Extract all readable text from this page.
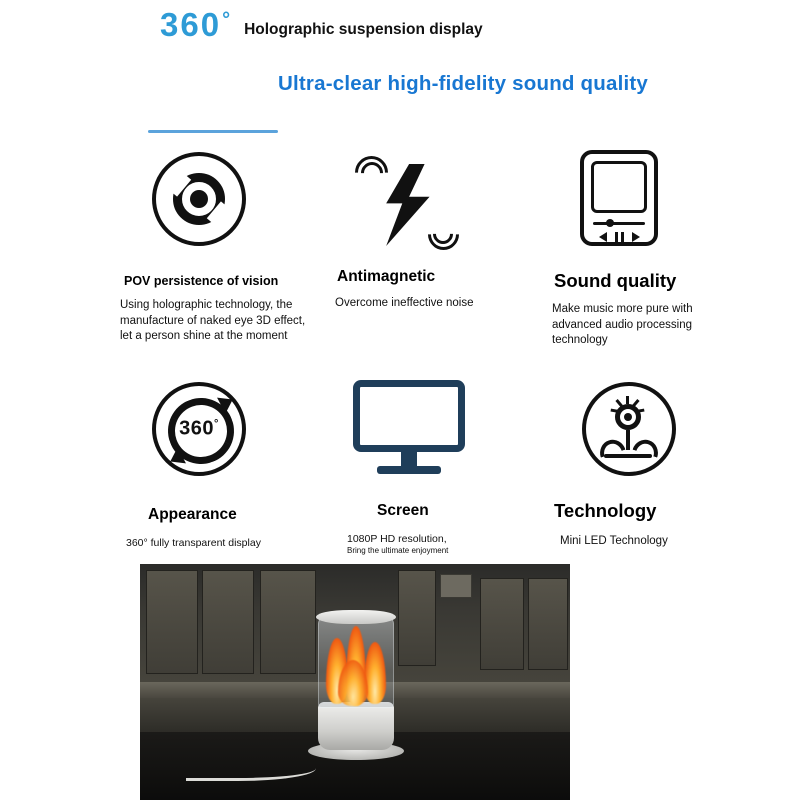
360 ° Holographic suspension display
Ultra-clear high-fidelity sound quality
POV persistence of vision
Using holographic technology, the manufacture of naked eye 3D effect, let a person shine at the moment
Antimagnetic
Overcome ineffective noise
Sound quality
Make music more pure with advanced audio processing technology
360°
Appearance
360° fully transparent display
Screen
1080P HD resolution,
Bring the ultimate enjoyment
Technology
Mini LED Technology
